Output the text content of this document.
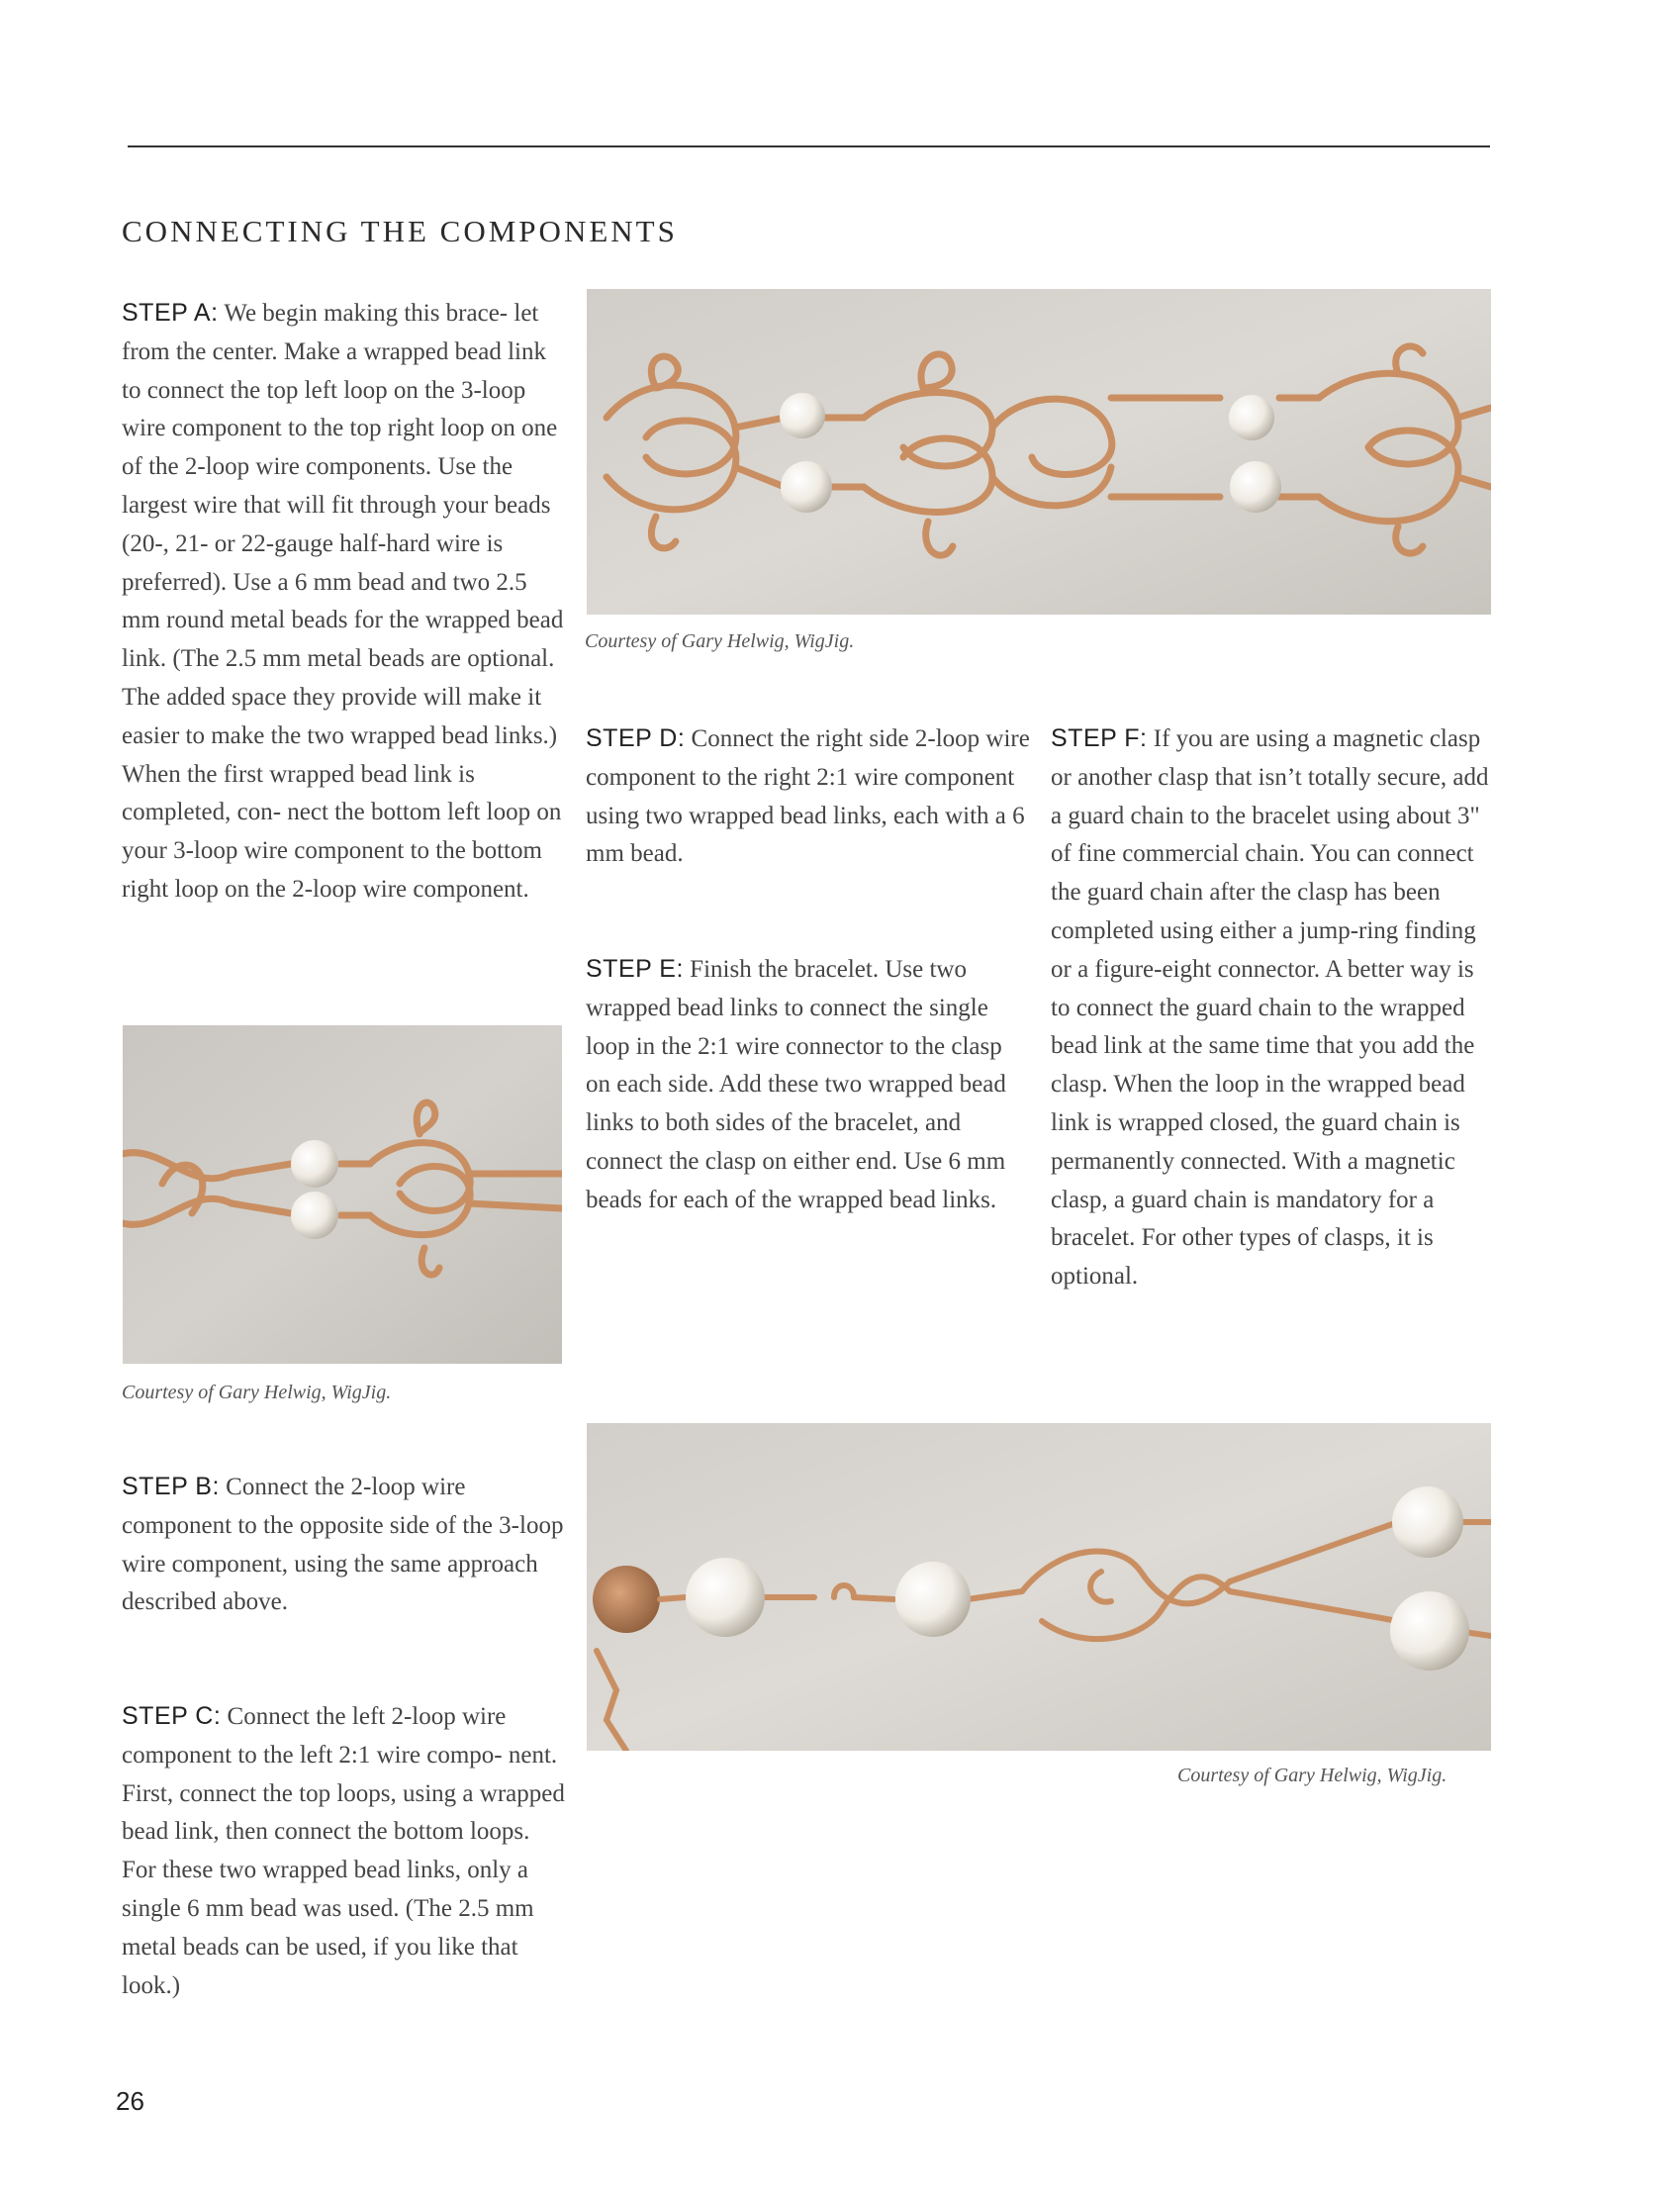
CONNECTING THE COMPONENTS

STEP A: We begin making this brace- let from the center. Make a wrapped bead link to connect the top left loop on the 3-loop wire component to the top right loop on one of the 2-loop wire components. Use the largest wire that will fit through your beads (20-, 21- or 22-gauge half-hard wire is preferred). Use a 6 mm bead and two 2.5 mm round metal beads for the wrapped bead link. (The 2.5 mm metal beads are optional. The added space they provide will make it easier to make the two wrapped bead links.) When the first wrapped bead link is completed, con- nect the bottom left loop on your 3-loop wire component to the bottom right loop on the 2-loop wire component.

Courtesy of Gary Helwig, WigJig.

STEP B: Connect the 2-loop wire component to the opposite side of the 3-loop wire component, using the same approach described above.

STEP C: Connect the left 2-loop wire component to the left 2:1 wire compo- nent. First, connect the top loops, using a wrapped bead link, then connect the bottom loops. For these two wrapped bead links, only a single 6 mm bead was used. (The 2.5 mm metal beads can be used, if you like that look.)

Courtesy of Gary Helwig, WigJig.

STEP D: Connect the right side 2-loop wire component to the right 2:1 wire component using two wrapped bead links, each with a 6 mm bead.

STEP E: Finish the bracelet. Use two wrapped bead links to connect the single loop in the 2:1 wire connector to the clasp on each side. Add these two wrapped bead links to both sides of the bracelet, and connect the clasp on either end. Use 6 mm beads for each of the wrapped bead links.

STEP F: If you are using a magnetic clasp or another clasp that isn’t totally secure, add a guard chain to the bracelet using about 3" of fine commercial chain. You can connect the guard chain after the clasp has been completed using either a jump-ring finding or a figure-eight connector. A better way is to connect the guard chain to the wrapped bead link at the same time that you add the clasp. When the loop in the wrapped bead link is wrapped closed, the guard chain is permanently connected. With a magnetic clasp, a guard chain is mandatory for a bracelet. For other types of clasps, it is optional.

Courtesy of Gary Helwig, WigJig.

26
